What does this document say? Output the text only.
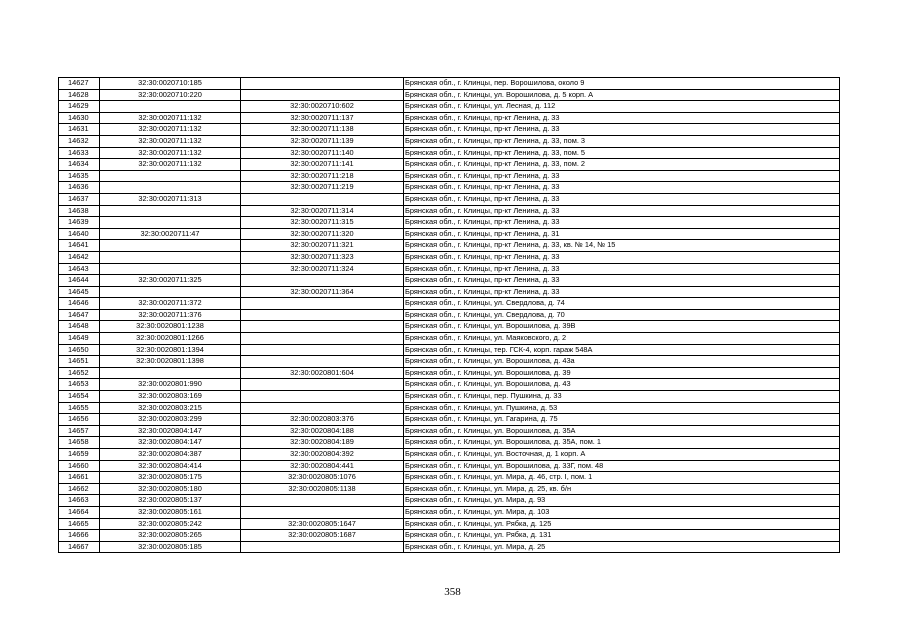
14627	32:30:0020710:185		Брянская обл., г. Клинцы, пер. Ворошилова, около 9
14628	32:30:0020710:220		Брянская обл., г. Клинцы, ул. Ворошилова, д. 5 корп. А
14629		32:30:0020710:602	Брянская обл., г. Клинцы, ул. Лесная, д. 112
14630	32:30:0020711:132	32:30:0020711:137	Брянская обл., г. Клинцы, пр-кт Ленина, д. 33
14631	32:30:0020711:132	32:30:0020711:138	Брянская обл., г. Клинцы, пр-кт Ленина, д. 33
14632	32:30:0020711:132	32:30:0020711:139	Брянская обл., г. Клинцы, пр-кт Ленина, д. 33, пом. 3
14633	32:30:0020711:132	32:30:0020711:140	Брянская обл., г. Клинцы, пр-кт Ленина, д. 33, пом. 5
14634	32:30:0020711:132	32:30:0020711:141	Брянская обл., г. Клинцы, пр-кт Ленина, д. 33, пом. 2
14635		32:30:0020711:218	Брянская обл., г. Клинцы, пр-кт Ленина, д. 33
14636		32:30:0020711:219	Брянская обл., г. Клинцы, пр-кт Ленина, д. 33
14637	32:30:0020711:313		Брянская обл., г. Клинцы, пр-кт Ленина, д. 33
14638		32:30:0020711:314	Брянская обл., г. Клинцы, пр-кт Ленина, д. 33
14639		32:30:0020711:315	Брянская обл., г. Клинцы, пр-кт Ленина, д. 33
14640	32:30:0020711:47	32:30:0020711:320	Брянская обл., г. Клинцы, пр-кт Ленина, д. 31
14641		32:30:0020711:321	Брянская обл., г. Клинцы, пр-кт Ленина, д. 33, кв. № 14, № 15
14642		32:30:0020711:323	Брянская обл., г. Клинцы, пр-кт Ленина, д. 33
14643		32:30:0020711:324	Брянская обл., г. Клинцы, пр-кт Ленина, д. 33
14644	32:30:0020711:325		Брянская обл., г. Клинцы, пр-кт Ленина, д. 33
14645		32:30:0020711:364	Брянская обл., г. Клинцы, пр-кт Ленина, д. 33
14646	32:30:0020711:372		Брянская обл., г. Клинцы, ул. Свердлова, д. 74
14647	32:30:0020711:376		Брянская обл., г. Клинцы, ул. Свердлова, д. 70
14648	32:30:0020801:1238		Брянская обл., г. Клинцы, ул. Ворошилова, д. 39В
14649	32:30:0020801:1266		Брянская обл., г. Клинцы, ул. Маяковского, д. 2
14650	32:30:0020801:1394		Брянская обл., г. Клинцы, тер. ГСК-4, корп. гараж 548А
14651	32:30:0020801:1398		Брянская обл., г. Клинцы, ул. Ворошилова, д. 43а
14652		32:30:0020801:604	Брянская обл., г. Клинцы, ул. Ворошилова, д. 39
14653	32:30:0020801:990		Брянская обл., г. Клинцы, ул. Ворошилова, д. 43
14654	32:30:0020803:169		Брянская обл., г. Клинцы, пер. Пушкина, д. 33
14655	32:30:0020803:215		Брянская обл., г. Клинцы, ул. Пушкина, д. 53
14656	32:30:0020803:299	32:30:0020803:376	Брянская обл., г. Клинцы, ул. Гагарина, д. 75
14657	32:30:0020804:147	32:30:0020804:188	Брянская обл., г. Клинцы, ул. Ворошилова, д. 35А
14658	32:30:0020804:147	32:30:0020804:189	Брянская обл., г. Клинцы, ул. Ворошилова, д. 35А, пом. 1
14659	32:30:0020804:387	32:30:0020804:392	Брянская обл., г. Клинцы, ул. Восточная, д. 1 корп. А
14660	32:30:0020804:414	32:30:0020804:441	Брянская обл., г. Клинцы, ул. Ворошилова, д. 33Г, пом. 48
14661	32:30:0020805:175	32:30:0020805:1076	Брянская обл., г. Клинцы, ул. Мира, д. 46, стр. I, пом. 1
14662	32:30:0020805:180	32:30:0020805:1138	Брянская обл., г. Клинцы, ул. Мира, д. 25, кв. б/н
14663	32:30:0020805:137		Брянская обл., г. Клинцы, ул. Мира, д. 93
14664	32:30:0020805:161		Брянская обл., г. Клинцы, ул. Мира, д. 103
14665	32:30:0020805:242	32:30:0020805:1647	Брянская обл., г. Клинцы, ул. Рябка, д. 125
14666	32:30:0020805:265	32:30:0020805:1687	Брянская обл., г. Клинцы, ул. Рябка, д. 131
14667	32:30:0020805:185		Брянская обл., г. Клинцы, ул. Мира, д. 25
358
